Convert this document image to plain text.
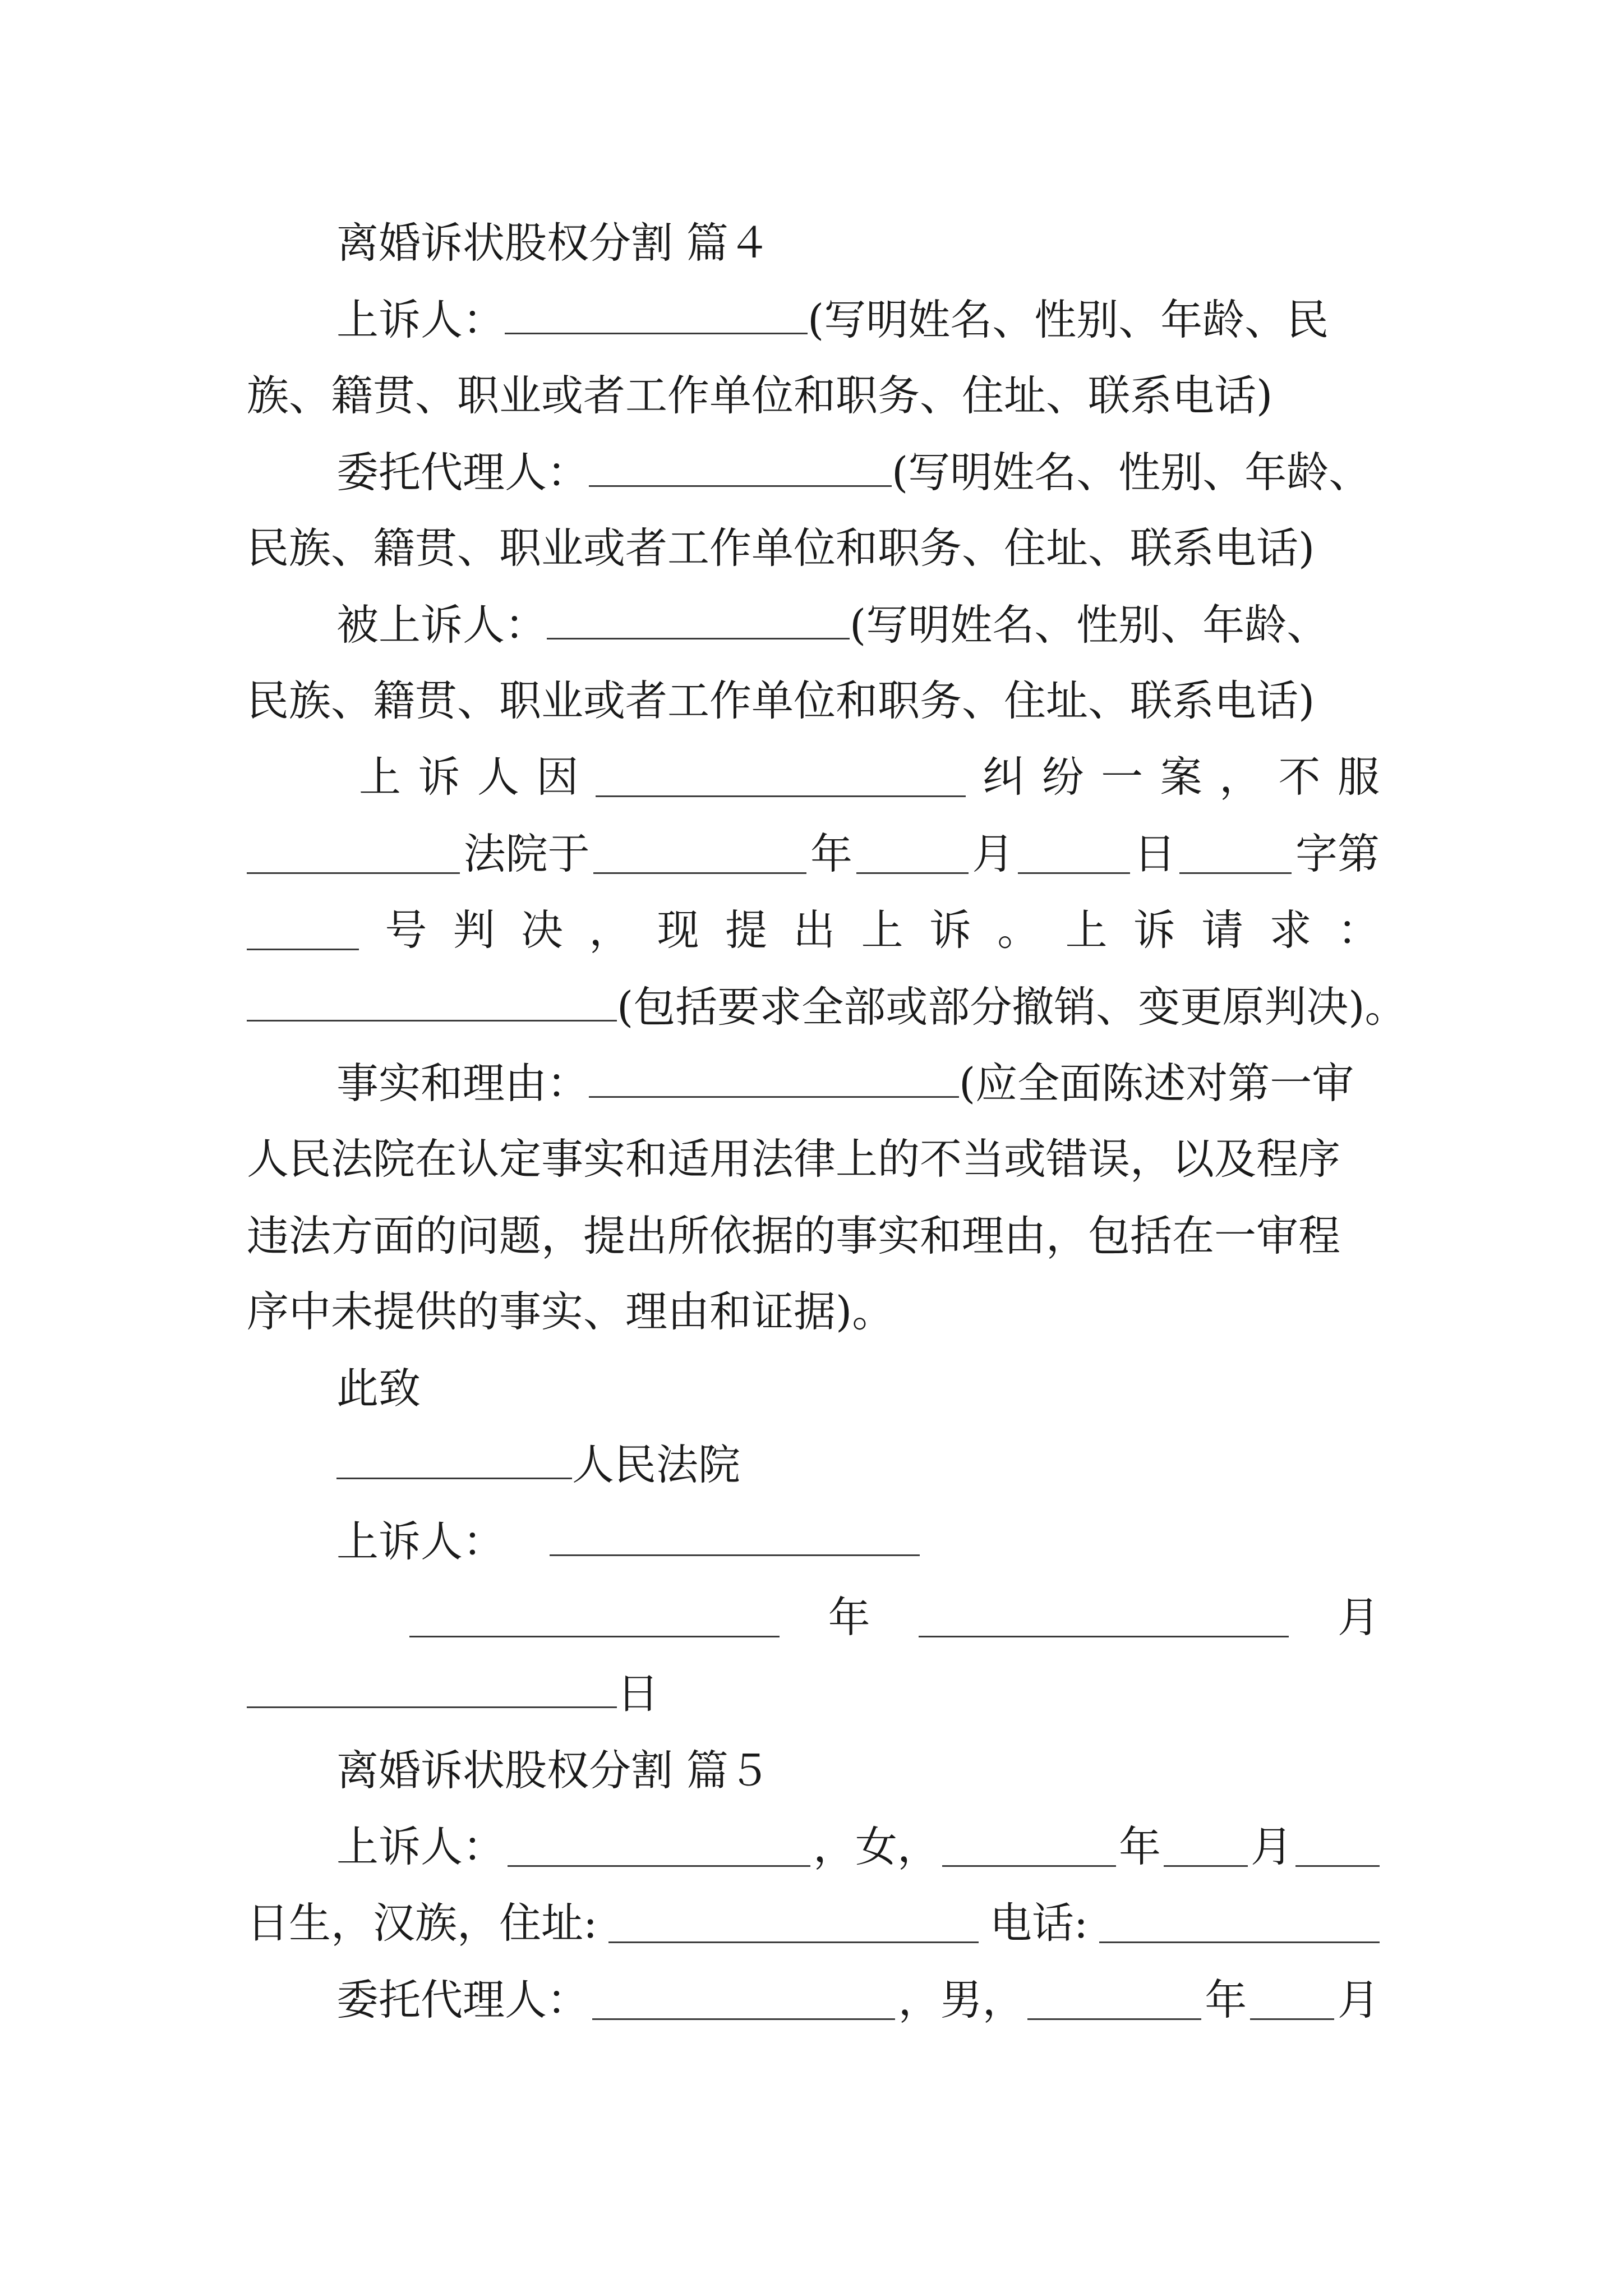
离婚诉状股权分割 篇４
上诉人：	(写明姓名、性别、年龄、民
族、籍贯、职业或者工作单位和职务、住址、联系电话)
委托代理人：	(写明姓名、性别、年龄、
民族、籍贯、职业或者工作单位和职务、住址、联系电话)
被上诉人：	(写明姓名、性别、年龄、
民族、籍贯、职业或者工作单位和职务、住址、联系电话)
上 诉 人 因	纠 纷 一 案 ， 不 服
法院于	年	月	日	字第
号 判 决 ， 现 提 出 上 诉 。 上 诉 请 求 ：
(包括要求全部或部分撤销、变更原判决)。
事实和理由：	(应全面陈述对第一审
人民法院在认定事实和适用法律上的不当或错误，以及程序
违法方面的问题，提出所依据的事实和理由，包括在一审程
序中未提供的事实、理由和证据)。
此致
人民法院
上诉人：
年	月
日
离婚诉状股权分割 篇５
上诉人：	，女，	年 月
日生，汉族，住址:	电话:
委托代理人：	，男，	年 月
